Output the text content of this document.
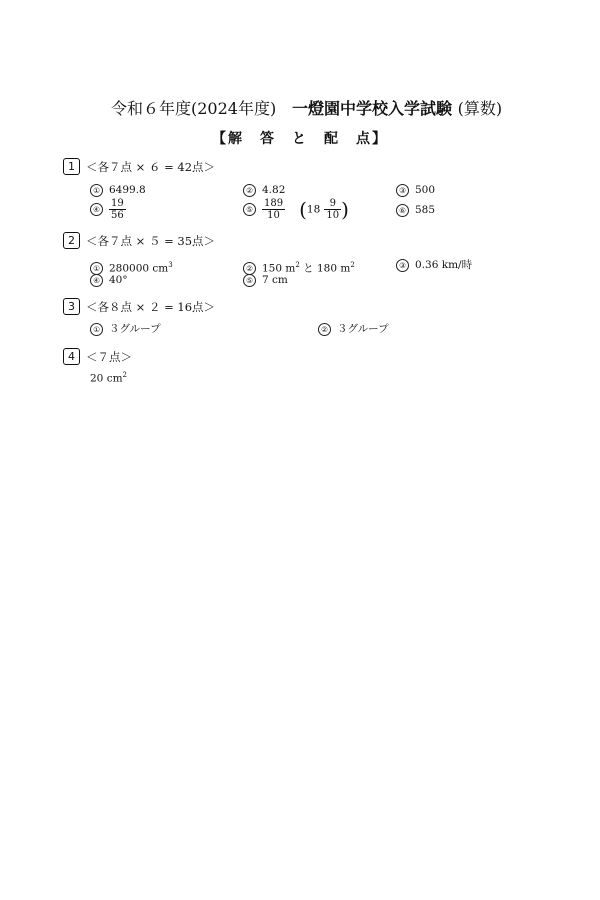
令和６年度(2024年度) 一燈園中学校入学試験 (算数)
【解　答　と　配　点】
1 ＜各７点 × ６ = 42点＞
① 6499.8	② 4.82	③ 500
④ $\frac{19}{56}$	⑤ $\frac{189}{10} (18 \frac{9}{10}$ )	⑥ 585
2 ＜各７点 × ５ = 35点＞
① 280000 $cm^3$	② 150 $m^2$ と 180 $m^2$	③ 0.36 km/時
④ 40°	⑤ 7 cm
3 ＜各８点 × ２ = 16点＞
① ３グループ	② ３グループ
4 ＜７点＞
20 $cm^2$
